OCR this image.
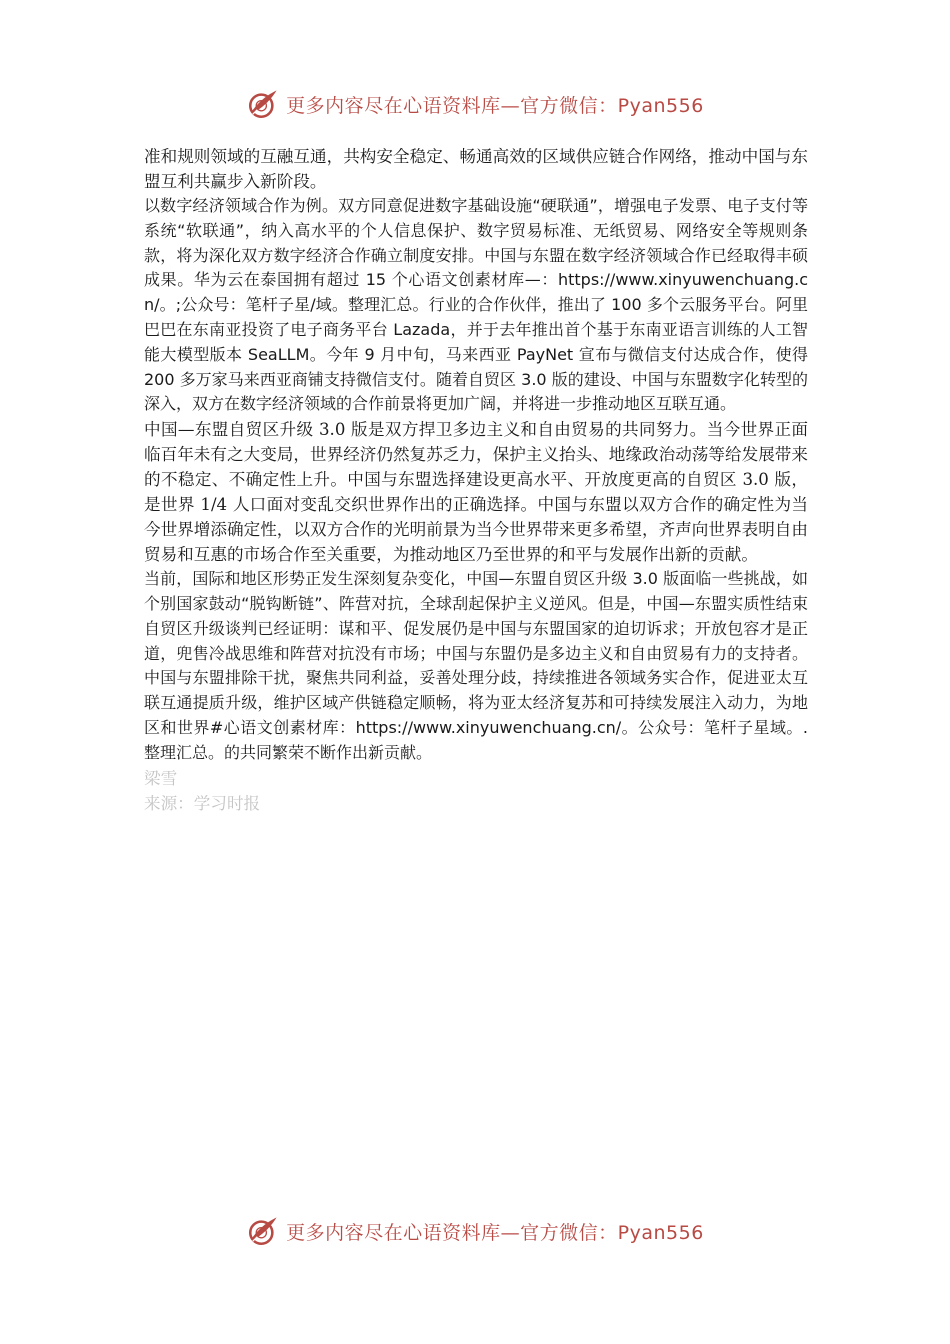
更多内容尽在心语资料库—官方微信：Pyan556

准和规则领域的互融互通，共构安全稳定、畅通高效的区域供应链合作网络，推动中国与东盟互利共赢步入新阶段。

以数字经济领域合作为例。双方同意促进数字基础设施“硬联通”，增强电子发票、电子支付等系统“软联通”，纳入高水平的个人信息保护、数字贸易标准、无纸贸易、网络安全等规则条款，将为深化双方数字经济合作确立制度安排。中国与东盟在数字经济领域合作已经取得丰硕成果。华为云在泰国拥有超过 15 个心语文创素材库—：https://www.xinyuwenchuang.cn/。;公众号：笔杆子星/域。整理汇总。行业的合作伙伴，推出了 100 多个云服务平台。阿里巴巴在东南亚投资了电子商务平台 Lazada，并于去年推出首个基于东南亚语言训练的人工智能大模型版本 SeaLLM。今年 9 月中旬，马来西亚 PayNet 宣布与微信支付达成合作，使得 200 多万家马来西亚商铺支持微信支付。随着自贸区 3.0 版的建设、中国与东盟数字化转型的深入，双方在数字经济领域的合作前景将更加广阔，并将进一步推动地区互联互通。

中国—东盟自贸区升级 3.0 版是双方捍卫多边主义和自由贸易的共同努力。当今世界正面临百年未有之大变局，世界经济仍然复苏乏力，保护主义抬头、地缘政治动荡等给发展带来的不稳定、不确定性上升。中国与东盟选择建设更高水平、开放度更高的自贸区 3.0 版，是世界 1/4 人口面对变乱交织世界作出的正确选择。中国与东盟以双方合作的确定性为当今世界增添确定性，以双方合作的光明前景为当今世界带来更多希望，齐声向世界表明自由贸易和互惠的市场合作至关重要，为推动地区乃至世界的和平与发展作出新的贡献。

当前，国际和地区形势正发生深刻复杂变化，中国—东盟自贸区升级 3.0 版面临一些挑战，如个别国家鼓动“脱钩断链”、阵营对抗，全球刮起保护主义逆风。但是，中国—东盟实质性结束自贸区升级谈判已经证明：谋和平、促发展仍是中国与东盟国家的迫切诉求；开放包容才是正道，兜售冷战思维和阵营对抗没有市场；中国与东盟仍是多边主义和自由贸易有力的支持者。中国与东盟排除干扰，聚焦共同利益，妥善处理分歧，持续推进各领域务实合作，促进亚太互联互通提质升级，维护区域产供链稳定顺畅，将为亚太经济复苏和可持续发展注入动力，为地区和世界#心语文创素材库：https://www.xinyuwenchuang.cn/。公众号：笔杆子星域。.整理汇总。的共同繁荣不断作出新贡献。

梁雪

来源：学习时报

更多内容尽在心语资料库—官方微信：Pyan556
